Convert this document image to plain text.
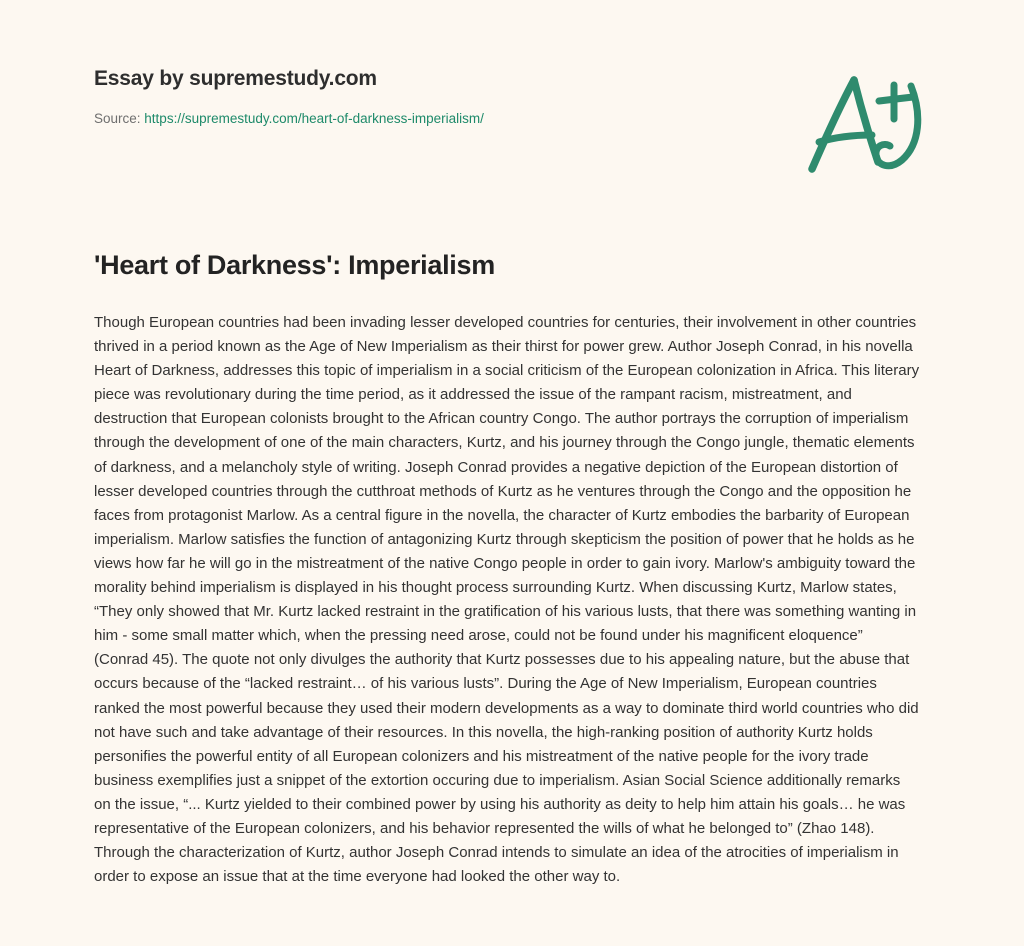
Essay by supremestudy.com

Source: https://supremestudy.com/heart-of-darkness-imperialism/

'Heart of Darkness': Imperialism

Though European countries had been invading lesser developed countries for centuries, their involvement in other countries thrived in a period known as the Age of New Imperialism as their thirst for power grew. Author Joseph Conrad, in his novella Heart of Darkness, addresses this topic of imperialism in a social criticism of the European colonization in Africa. This literary piece was revolutionary during the time period, as it addressed the issue of the rampant racism, mistreatment, and destruction that European colonists brought to the African country Congo. The author portrays the corruption of imperialism through the development of one of the main characters, Kurtz, and his journey through the Congo jungle, thematic elements of darkness, and a melancholy style of writing. Joseph Conrad provides a negative depiction of the European distortion of lesser developed countries through the cutthroat methods of Kurtz as he ventures through the Congo and the opposition he faces from protagonist Marlow. As a central figure in the novella, the character of Kurtz embodies the barbarity of European imperialism. Marlow satisfies the function of antagonizing Kurtz through skepticism the position of power that he holds as he views how far he will go in the mistreatment of the native Congo people in order to gain ivory. Marlow's ambiguity toward the morality behind imperialism is displayed in his thought process surrounding Kurtz. When discussing Kurtz, Marlow states, “They only showed that Mr. Kurtz lacked restraint in the gratification of his various lusts, that there was something wanting in him - some small matter which, when the pressing need arose, could not be found under his magnificent eloquence” (Conrad 45). The quote not only divulges the authority that Kurtz possesses due to his appealing nature, but the abuse that occurs because of the “lacked restraint… of his various lusts”. During the Age of New Imperialism, European countries ranked the most powerful because they used their modern developments as a way to dominate third world countries who did not have such and take advantage of their resources. In this novella, the high-ranking position of authority Kurtz holds personifies the powerful entity of all European colonizers and his mistreatment of the native people for the ivory trade business exemplifies just a snippet of the extortion occuring due to imperialism. Asian Social Science additionally remarks on the issue, “... Kurtz yielded to their combined power by using his authority as deity to help him attain his goals… he was representative of the European colonizers, and his behavior represented the wills of what he belonged to” (Zhao 148). Through the characterization of Kurtz, author Joseph Conrad intends to simulate an idea of the atrocities of imperialism in order to expose an issue that at the time everyone had looked the other way to.
